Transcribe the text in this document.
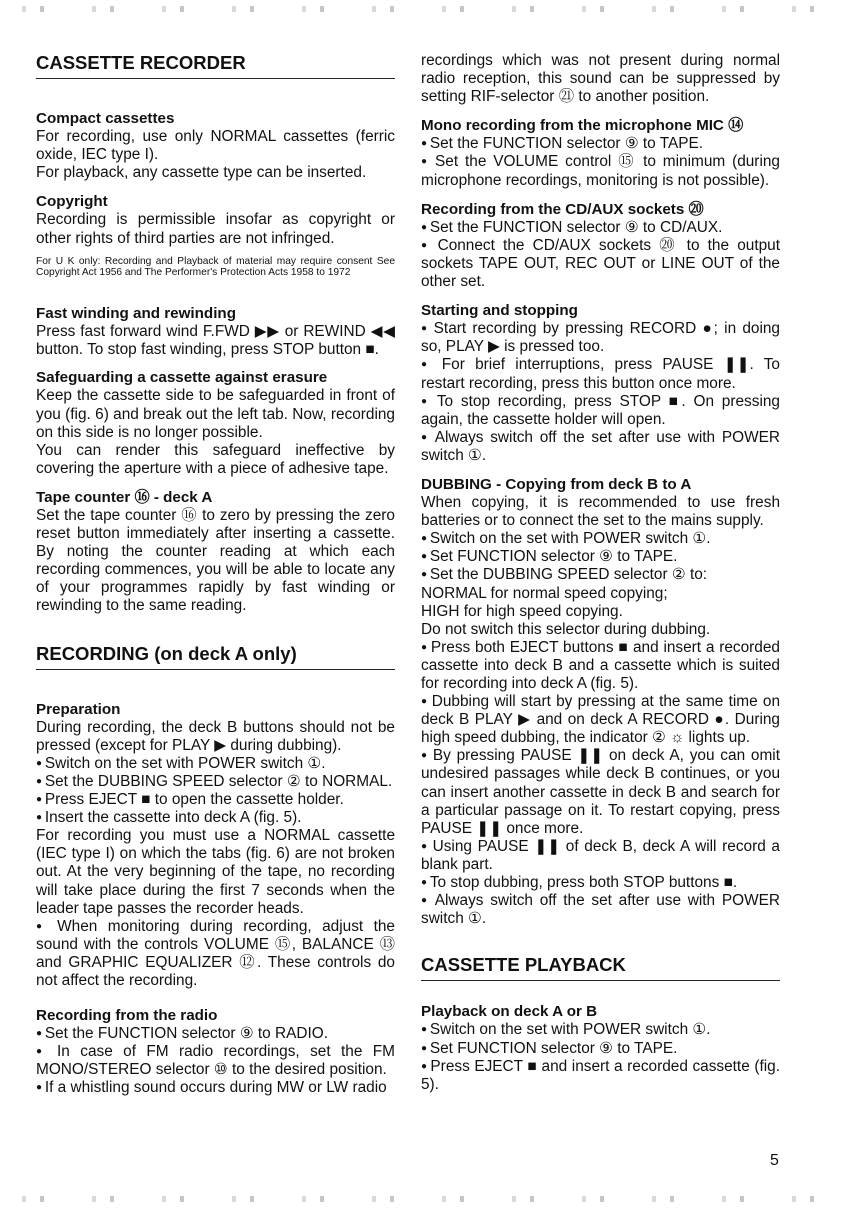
CASSETTE RECORDER
Compact cassettes

For recording, use only NORMAL cassettes (ferric oxide, IEC type I).

For playback, any cassette type can be inserted.

Copyright

Recording is permissible insofar as copyright or other rights of third parties are not infringed.

For U K only: Recording and Playback of material may require consent See Copyright Act 1956 and The Performer's Protection Acts 1958 to 1972

Fast winding and rewinding

Press fast forward wind F.FWD ▶▶ or REWIND ◀◀ button. To stop fast winding, press STOP button ■.

Safeguarding a cassette against erasure

Keep the cassette side to be safeguarded in front of you (fig. 6) and break out the left tab. Now, recording on this side is no longer possible.

You can render this safeguard ineffective by covering the aperture with a piece of adhesive tape.

Tape counter ⑯ - deck A

Set the tape counter ⑯ to zero by pressing the zero reset button immediately after inserting a cassette. By noting the counter reading at which each recording commences, you will be able to locate any of your programmes rapidly by fast winding or rewinding to the same reading.

RECORDING (on deck A only)
Preparation

During recording, the deck B buttons should not be pressed (except for PLAY ▶ during dubbing).

● Switch on the set with POWER switch ①.

● Set the DUBBING SPEED selector ② to NORMAL.

● Press EJECT ■ to open the cassette holder.

● Insert the cassette into deck A (fig. 5).

For recording you must use a NORMAL cassette (IEC type I) on which the tabs (fig. 6) are not broken out. At the very beginning of the tape, no recording will take place during the first 7 seconds when the leader tape passes the recorder heads.

● When monitoring during recording, adjust the sound with the controls VOLUME ⑮, BALANCE ⑬ and GRAPHIC EQUALIZER ⑫. These controls do not affect the recording.

Recording from the radio

● Set the FUNCTION selector ⑨ to RADIO.

● In case of FM radio recordings, set the FM MONO/STEREO selector ⑩ to the desired position.

● If a whistling sound occurs during MW or LW radio

recordings which was not present during normal radio reception, this sound can be suppressed by setting RIF-selector ㉑ to another position.

Mono recording from the microphone MIC ⑭

● Set the FUNCTION selector ⑨ to TAPE.

● Set the VOLUME control ⑮ to minimum (during microphone recordings, monitoring is not possible).

Recording from the CD/AUX sockets ⑳

● Set the FUNCTION selector ⑨ to CD/AUX.

● Connect the CD/AUX sockets ⑳ to the output sockets TAPE OUT, REC OUT or LINE OUT of the other set.

Starting and stopping

● Start recording by pressing RECORD ●; in doing so, PLAY ▶ is pressed too.

● For brief interruptions, press PAUSE ❚❚. To restart recording, press this button once more.

● To stop recording, press STOP ■. On pressing again, the cassette holder will open.

● Always switch off the set after use with POWER switch ①.

DUBBING - Copying from deck B to A

When copying, it is recommended to use fresh batteries or to connect the set to the mains supply.

● Switch on the set with POWER switch ①.

● Set FUNCTION selector ⑨ to TAPE.

● Set the DUBBING SPEED selector ② to:

NORMAL for normal speed copying;

HIGH for high speed copying.

Do not switch this selector during dubbing.

● Press both EJECT buttons ■ and insert a recorded cassette into deck B and a cassette which is suited for recording into deck A (fig. 5).

● Dubbing will start by pressing at the same time on deck B PLAY ▶ and on deck A RECORD ●. During high speed dubbing, the indicator ② ☼ lights up.

● By pressing PAUSE ❚❚ on deck A, you can omit undesired passages while deck B continues, or you can insert another cassette in deck B and search for a particular passage on it. To restart copying, press PAUSE ❚❚ once more.

● Using PAUSE ❚❚ of deck B, deck A will record a blank part.

● To stop dubbing, press both STOP buttons ■.

● Always switch off the set after use with POWER switch ①.

CASSETTE PLAYBACK
Playback on deck A or B

● Switch on the set with POWER switch ①.

● Set FUNCTION selector ⑨ to TAPE.

● Press EJECT ■ and insert a recorded cassette (fig. 5).

5
